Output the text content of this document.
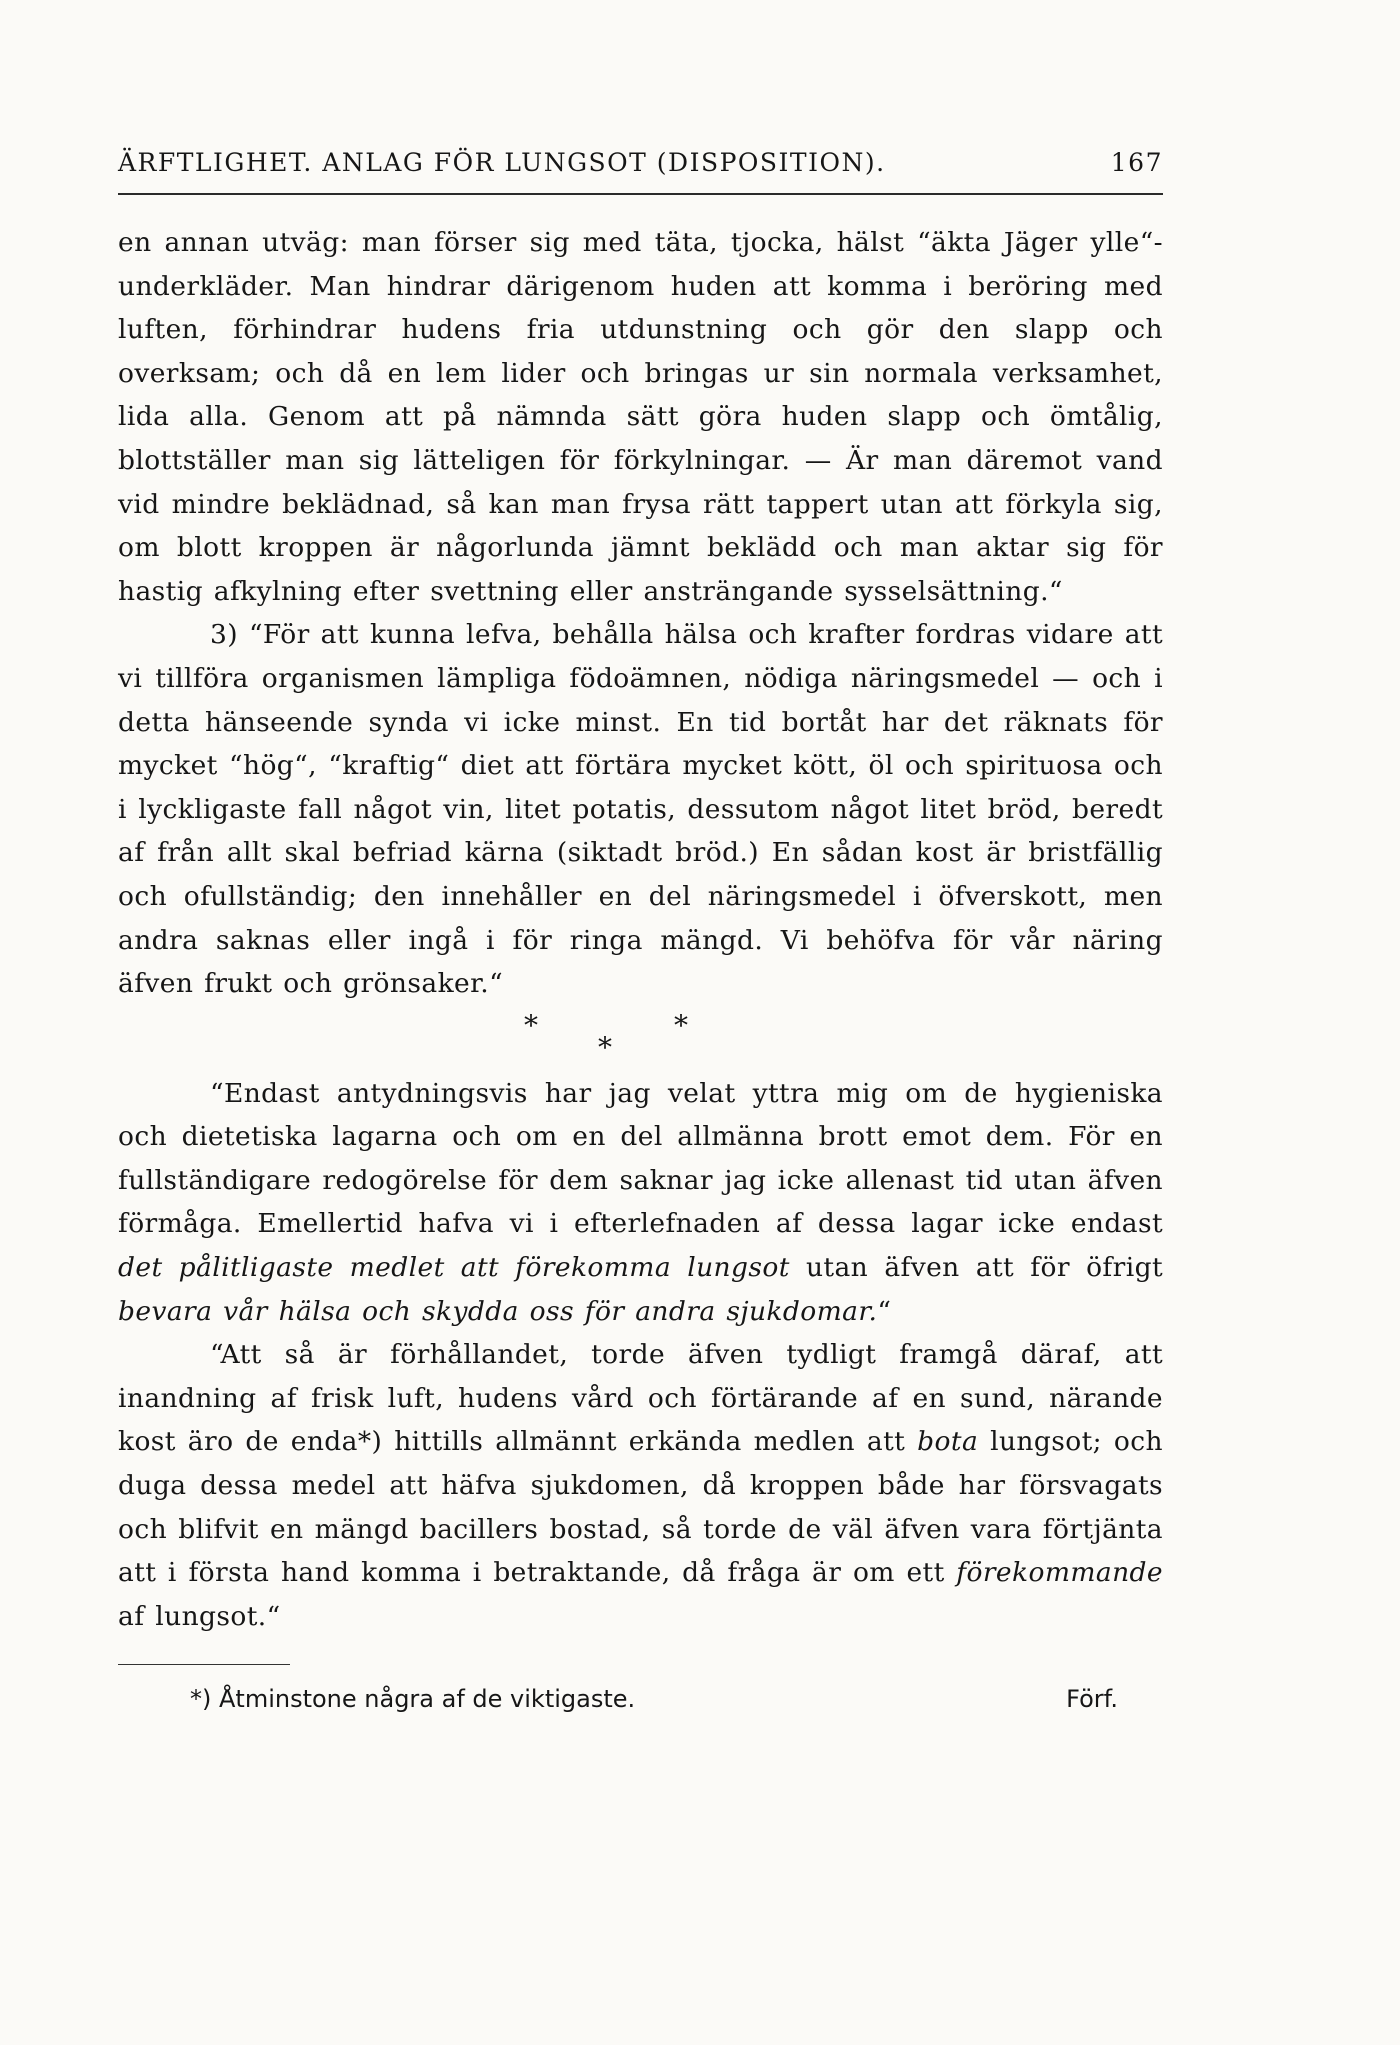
ÄRFTLIGHET. ANLAG FÖR LUNGSOT (DISPOSITION).	167

en annan utväg: man förser sig med täta, tjocka, hälst “äkta Jäger ylle“- underkläder. Man hindrar därigenom huden att komma i beröring med luften, förhindrar hudens fria utdunstning och gör den slapp och overksam; och då en lem lider och bringas ur sin normala verksamhet, lida alla. Genom att på nämnda sätt göra huden slapp och ömtålig, blottställer man sig lätteligen för förkylningar. — Är man däremot vand vid mindre beklädnad, så kan man frysa rätt tappert utan att förkyla sig, om blott kroppen är någorlunda jämnt beklädd och man aktar sig för hastig afkylning efter svettning eller ansträngande sysselsättning.“

3) “För att kunna lefva, behålla hälsa och krafter fordras vidare att vi tillföra organismen lämpliga födoämnen, nödiga näringsmedel — och i detta hänseende synda vi icke minst. En tid bortåt har det räknats för mycket “hög“, “kraftig“ diet att förtära mycket kött, öl och spirituosa och i lyckligaste fall något vin, litet potatis, dessutom något litet bröd, beredt af från allt skal befriad kärna (siktadt bröd.) En sådan kost är bristfällig och ofullständig; den innehåller en del näringsmedel i öfverskott, men andra saknas eller ingå i för ringa mängd. Vi behöfva för vår näring äfven frukt och grönsaker.“

*
*
*

“Endast antydningsvis har jag velat yttra mig om de hygieniska och dietetiska lagarna och om en del allmänna brott emot dem. För en fullständigare redogörelse för dem saknar jag icke allenast tid utan äfven förmåga. Emellertid hafva vi i efterlefnaden af dessa lagar icke endast det pålitligaste medlet att förekomma lungsot utan äfven att för öfrigt bevara vår hälsa och skydda oss för andra sjukdomar.“

“Att så är förhållandet, torde äfven tydligt framgå däraf, att inandning af frisk luft, hudens vård och förtärande af en sund, närande kost äro de enda*) hittills allmännt erkända medlen att bota lungsot; och duga dessa medel att häfva sjukdomen, då kroppen både har försvagats och blifvit en mängd bacillers bostad, så torde de väl äfven vara förtjänta att i första hand komma i betraktande, då fråga är om ett förekommande af lungsot.“

*) Åtminstone några af de viktigaste.	Förf.
